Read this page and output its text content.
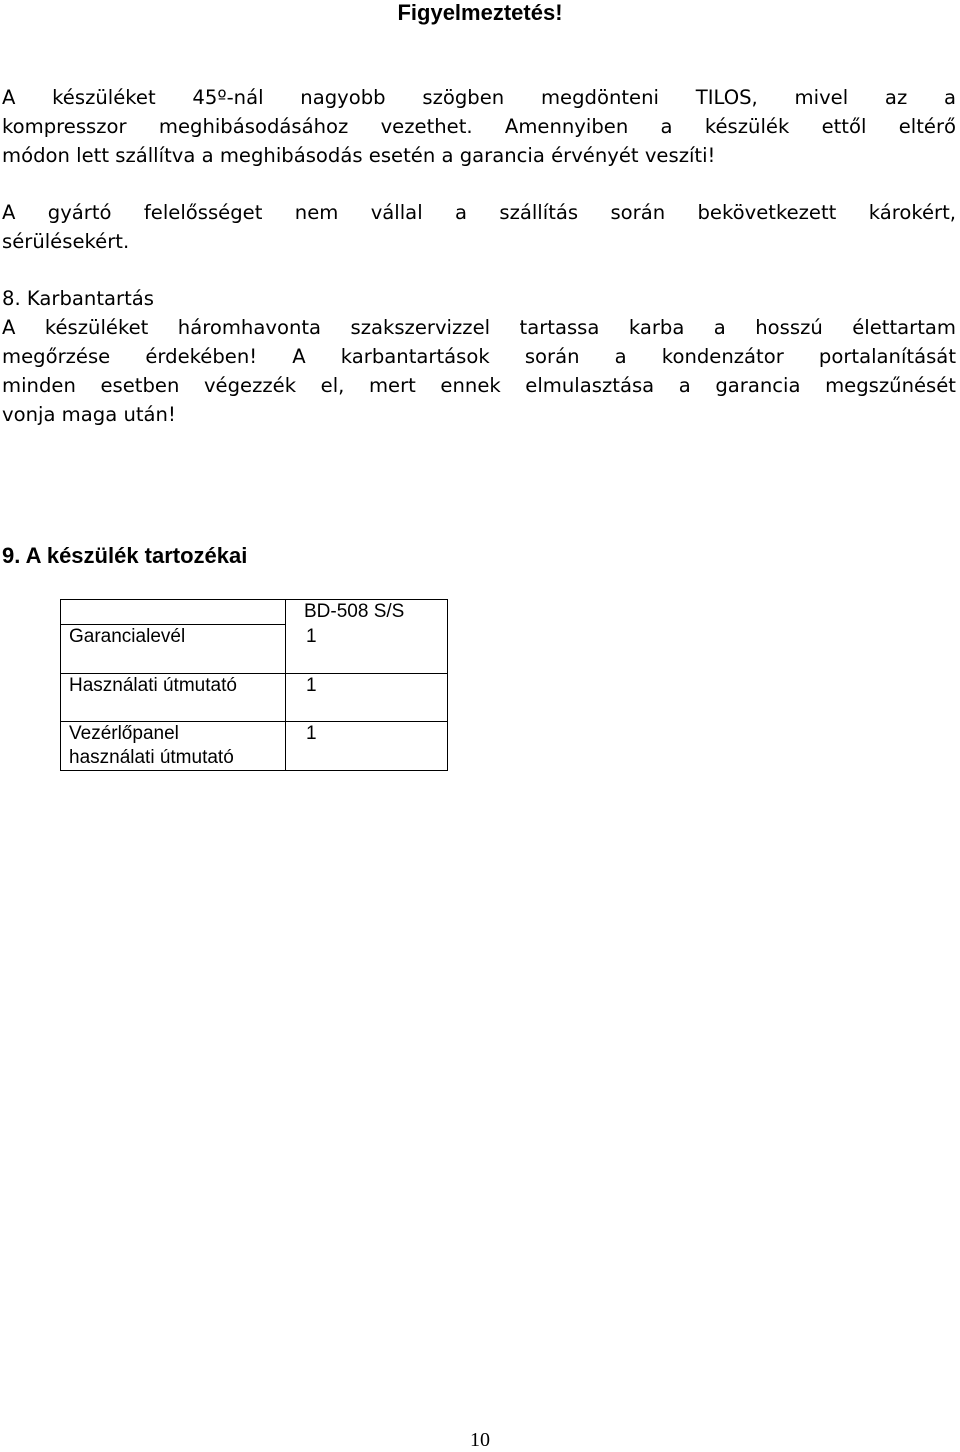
Figyelmeztetés!

A készüléket 45º-nál nagyobb szögben megdönteni TILOS, mivel az a
kompresszor meghibásodásához vezethet. Amennyiben a készülék ettől eltérő
módon lett szállítva a meghibásodás esetén a garancia érvényét veszíti!

A gyártó felelősséget nem vállal a szállítás során bekövetkezett károkért,
sérülésekért.

8. Karbantartás
A készüléket háromhavonta szakszervizzel tartassa karba a hosszú élettartam
megőrzése érdekében! A karbantartások során a kondenzátor portalanítását
minden esetben végezzék el, mert ennek elmulasztása a garancia megszűnését
vonja maga után!

9. A készülék tartozékai
	BD-508 S/S
Garancialevél	1
Használati útmutató	1

Vezérlőpanel
használati útmutató	1
10
